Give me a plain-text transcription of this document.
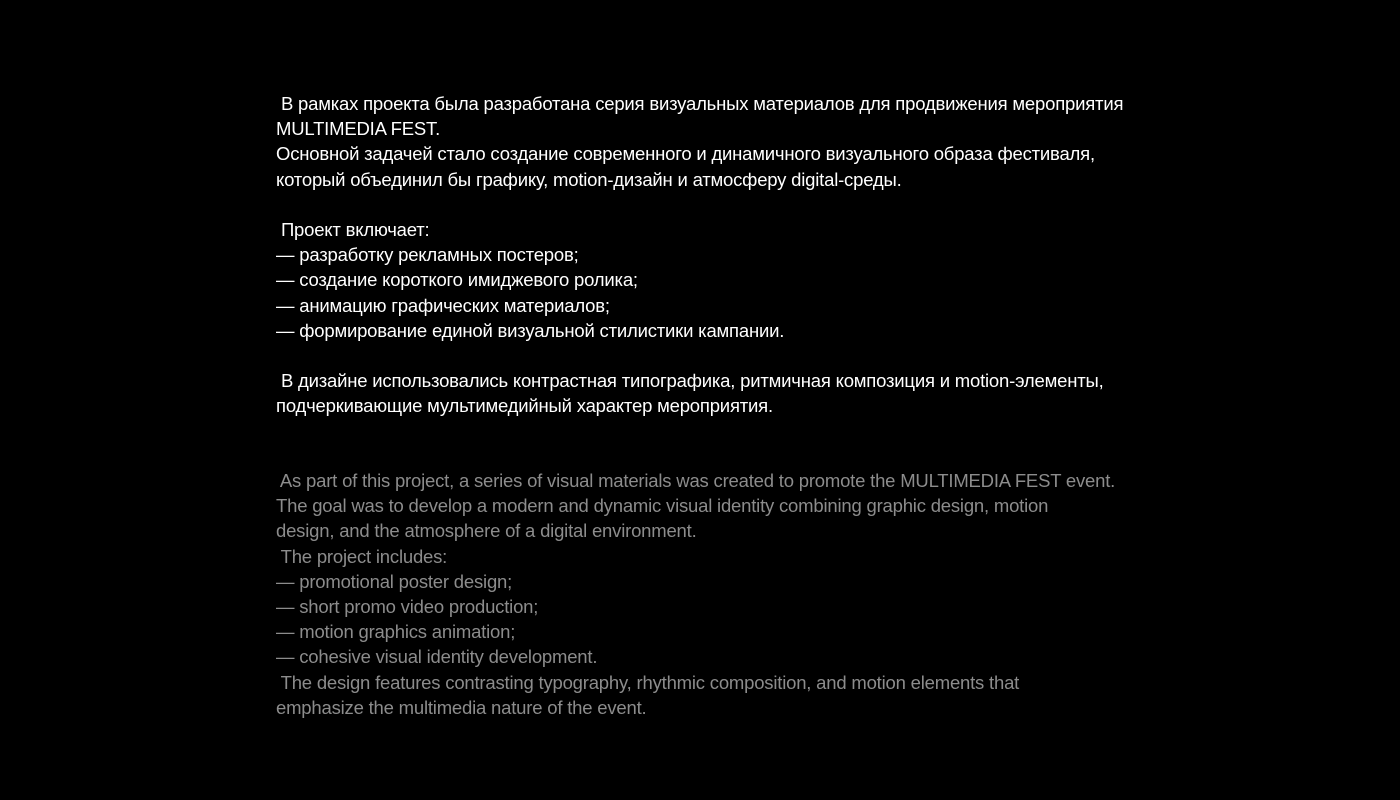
В рамках проекта была разработана серия визуальных материалов для продвижения мероприятия
MULTIMEDIA FEST.
Основной задачей стало создание современного и динамичного визуального образа фестиваля,
который объединил бы графику, motion-дизайн и атмосферу digital-среды.
Проект включает:
— разработку рекламных постеров;
— создание короткого имиджевого ролика;
— анимацию графических материалов;
— формирование единой визуальной стилистики кампании.
В дизайне использовались контрастная типографика, ритмичная композиция и motion-элементы,
подчеркивающие мультимедийный характер мероприятия.
As part of this project, a series of visual materials was created to promote the MULTIMEDIA FEST event.
The goal was to develop a modern and dynamic visual identity combining graphic design, motion
design, and the atmosphere of a digital environment.
The project includes:
— promotional poster design;
— short promo video production;
— motion graphics animation;
— cohesive visual identity development.
The design features contrasting typography, rhythmic composition, and motion elements that
emphasize the multimedia nature of the event.
